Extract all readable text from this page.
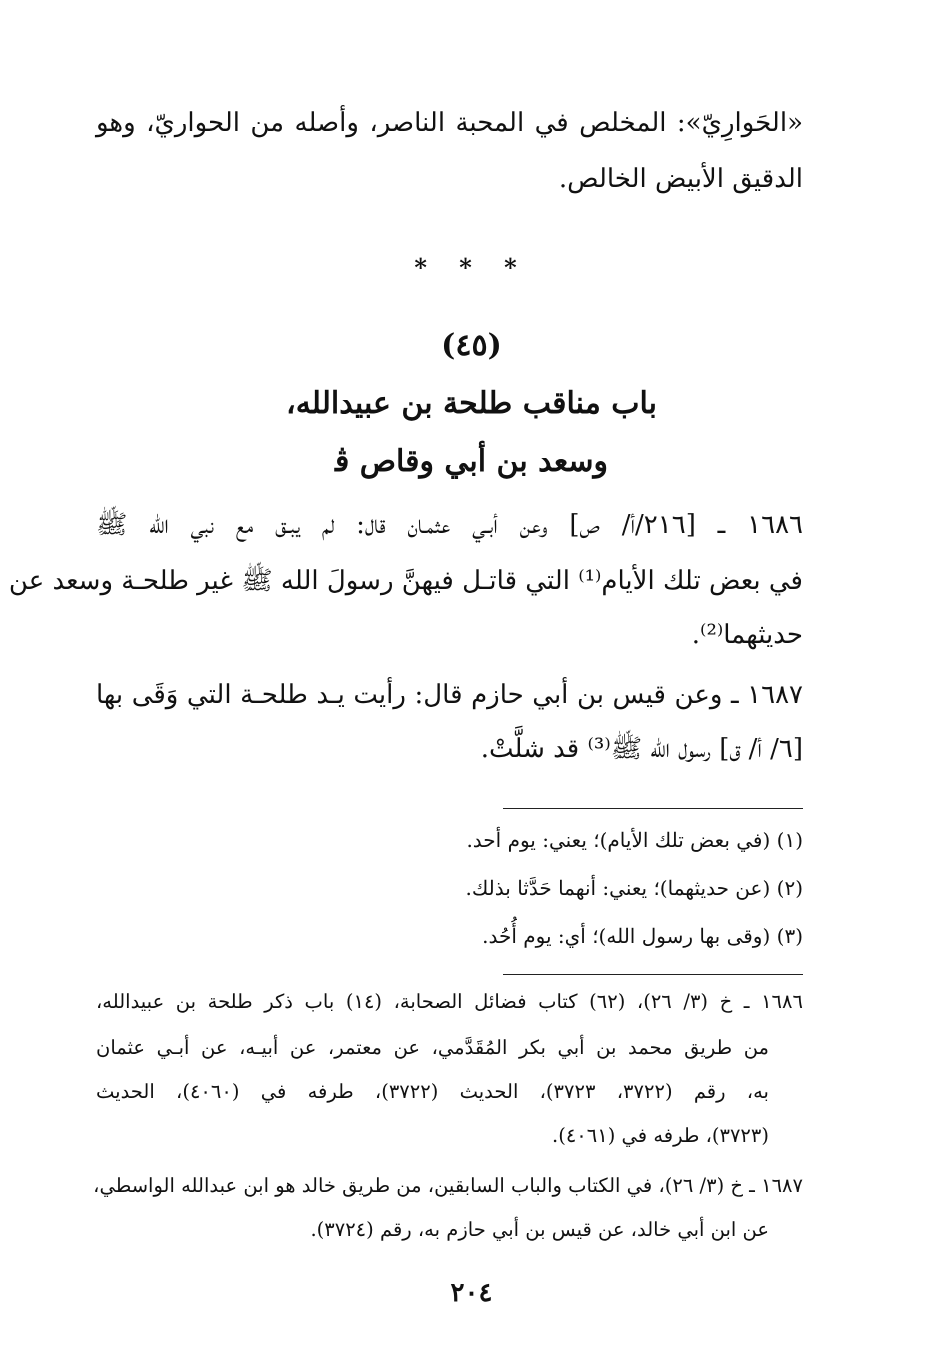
«الحَوارِيّ»: المخلص في المحبة الناصر، وأصله من الحواريّ، وهو
الدقيق الأبيض الخالص.
* * *
(٤٥)
باب مناقب طلحة بن عبيدالله،
وسعد بن أبي وقاص ﭬ
١٦٨٦ ـ [٢١٦/أ/ ص] وعن أبـي عثمـان قال: لم يبـق مع نبي الله ﷺ
في بعض تلك الأيام⁽¹⁾ التي قاتـل فيهنَّ رسولَ الله ﷺ غير طلحـة وسعد عن
حديثهما⁽²⁾.
١٦٨٧ ـ وعن قيس بن أبي حازم قال: رأيت يـد طلحـة التي وَقَى بها
[٦/ أ/ ق] رسول الله ﷺ⁽³⁾ قد شلَّتْ.
(١) (في بعض تلك الأيام)؛ يعني: يوم أحد.
(٢) (عن حديثهما)؛ يعني: أنهما حَدَّثا بذلك.
(٣) (وقى بها رسول الله)؛ أي: يوم أُحُد.
١٦٨٦ ـ خ (٣/ ٢٦)، (٦٢) كتاب فضائل الصحابة، (١٤) باب ذكر طلحة بن عبيدالله،
من طريق محمد بن أبي بكر المُقَدَّمي، عن معتمر، عن أبيـه، عن أبـي عثمان
به، رقم (٣٧٢٢، ٣٧٢٣)، الحديث (٣٧٢٢)، طرفه في (٤٠٦٠)، الحديث
(٣٧٢٣)، طرفه في (٤٠٦١).
١٦٨٧ ـ خ (٣/ ٢٦)، في الكتاب والباب السابقين، من طريق خالد هو ابن عبدالله الواسطي،
عن ابن أبي خالد، عن قيس بن أبي حازم به، رقم (٣٧٢٤).
٢٠٤
